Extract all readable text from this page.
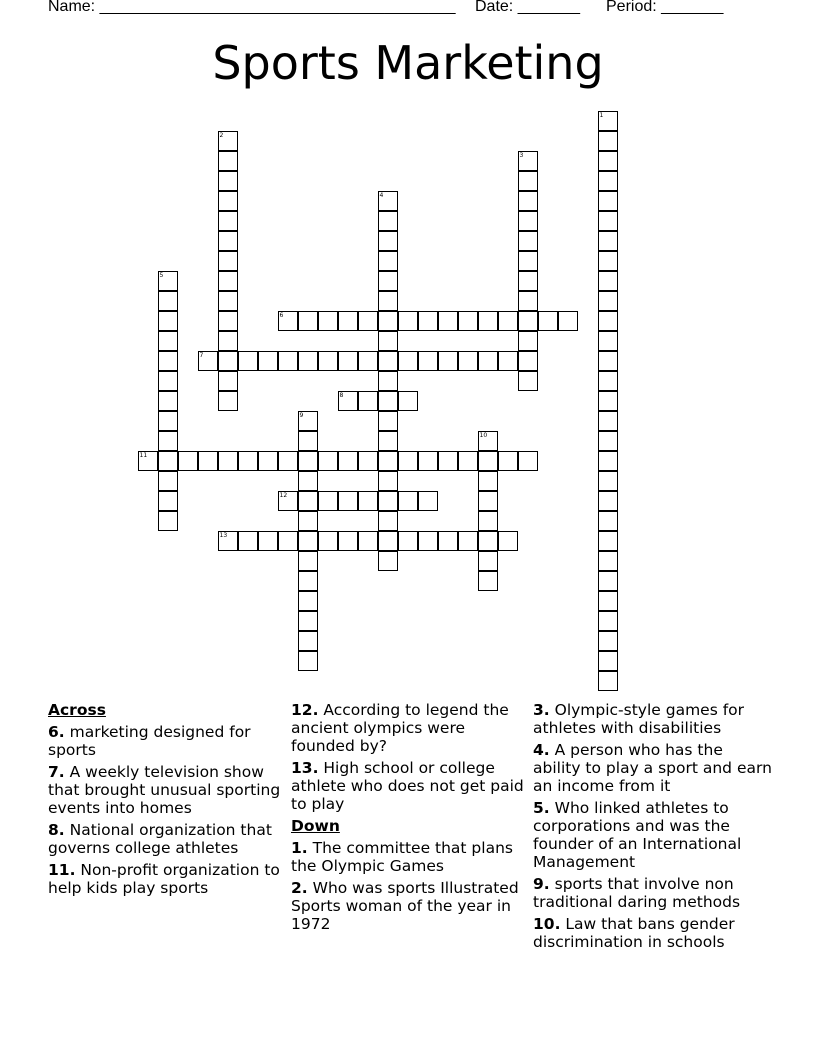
Name: ________________________________________ Date: _______ Period: _______
Sports Marketing
1
2
3
4
5
6
7
8
9
10
11
12
13
Across
6. marketing designed for sports
7. A weekly television show that brought unusual sporting events into homes
8. National organization that governs college athletes
11. Non-profit organization to help kids play sports
12. According to legend the ancient olympics were founded by?
13. High school or college athlete who does not get paid to play
Down
1. The committee that plans the Olympic Games
2. Who was sports Illustrated Sports woman of the year in 1972
3. Olympic-style games for athletes with disabilities
4. A person who has the ability to play a sport and earn an income from it
5. Who linked athletes to corporations and was the founder of an International Management
9. sports that involve non traditional daring methods
10. Law that bans gender discrimination in schools
